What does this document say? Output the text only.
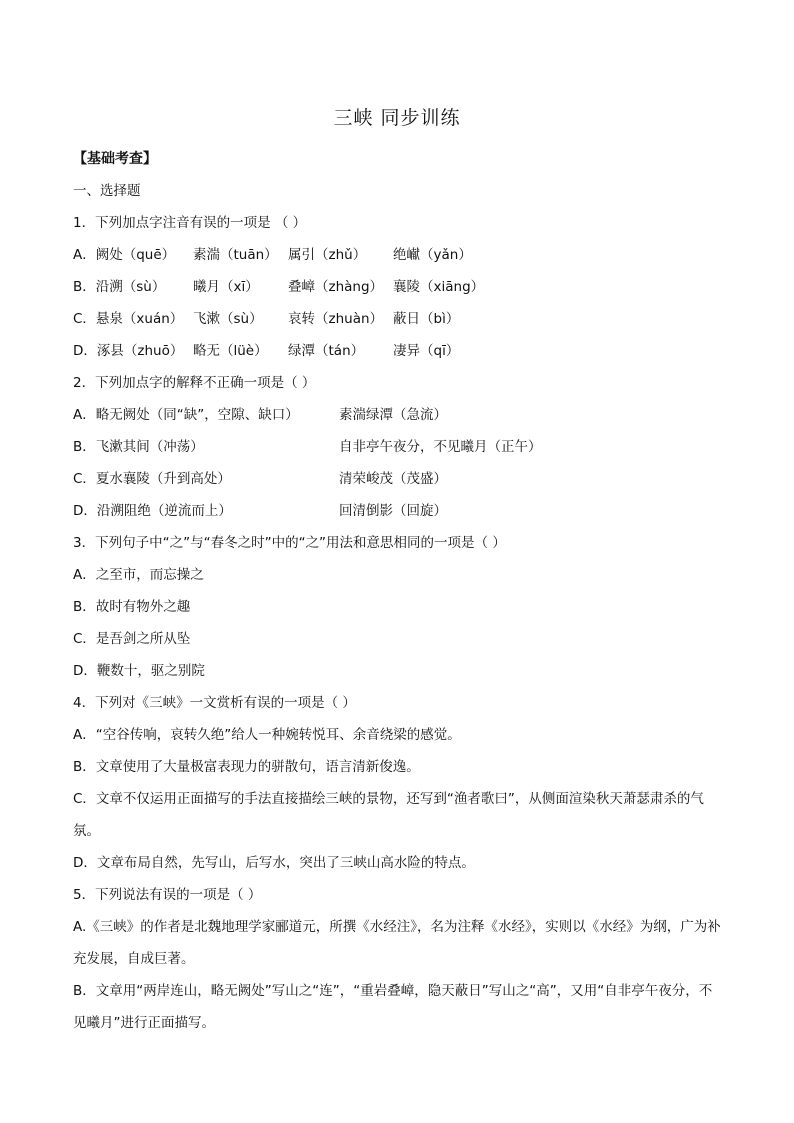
三峡 同步训练
【基础考查】
一、选择题
1．下列加点字注音有误的一项是 （ ）
A．阙处（quē） 素湍（tuān） 属引（zhǔ） 绝𪩘（yǎn）
B．沿溯（sù） 曦月（xī） 叠嶂（zhàng） 襄陵（xiāng）
C．悬泉（xuán） 飞漱（sù） 哀转（zhuàn） 蔽日（bì）
D．涿县（zhuō） 略无（lüè） 绿潭（tán） 凄异（qī）
2．下列加点字的解释不正确一项是（ ）
A．略无阙处（同“缺”，空隙、缺口）	素湍绿潭（急流）
B．飞漱其间（冲荡）	自非亭午夜分，不见曦月（正午）
C．夏水襄陵（升到高处）	清荣峻茂（茂盛）
D．沿溯阻绝（逆流而上）	回清倒影（回旋）
3．下列句子中“之”与“春冬之时”中的“之”用法和意思相同的一项是（ ）
A．之至市，而忘操之
B．故时有物外之趣
C．是吾剑之所从坠
D．鞭数十，驱之别院
4．下列对《三峡》一文赏析有误的一项是（ ）
A．“空谷传响，哀转久绝”给人一种婉转悦耳、余音绕梁的感觉。
B．文章使用了大量极富表现力的骈散句，语言清新俊逸。
C．文章不仅运用正面描写的手法直接描绘三峡的景物，还写到“渔者歌曰”，从侧面渲染秋天萧瑟肃杀的气氛。
D．文章布局自然，先写山，后写水，突出了三峡山高水险的特点。
5．下列说法有误的一项是（ ）
A.《三峡》的作者是北魏地理学家郦道元，所撰《水经注》，名为注释《水经》，实则以《水经》为纲，广为补充发展，自成巨著。
B．文章用“两岸连山，略无阙处”写山之“连”，“重岩叠嶂，隐天蔽日”写山之“高”，又用“自非亭午夜分，不见曦月”进行正面描写。
